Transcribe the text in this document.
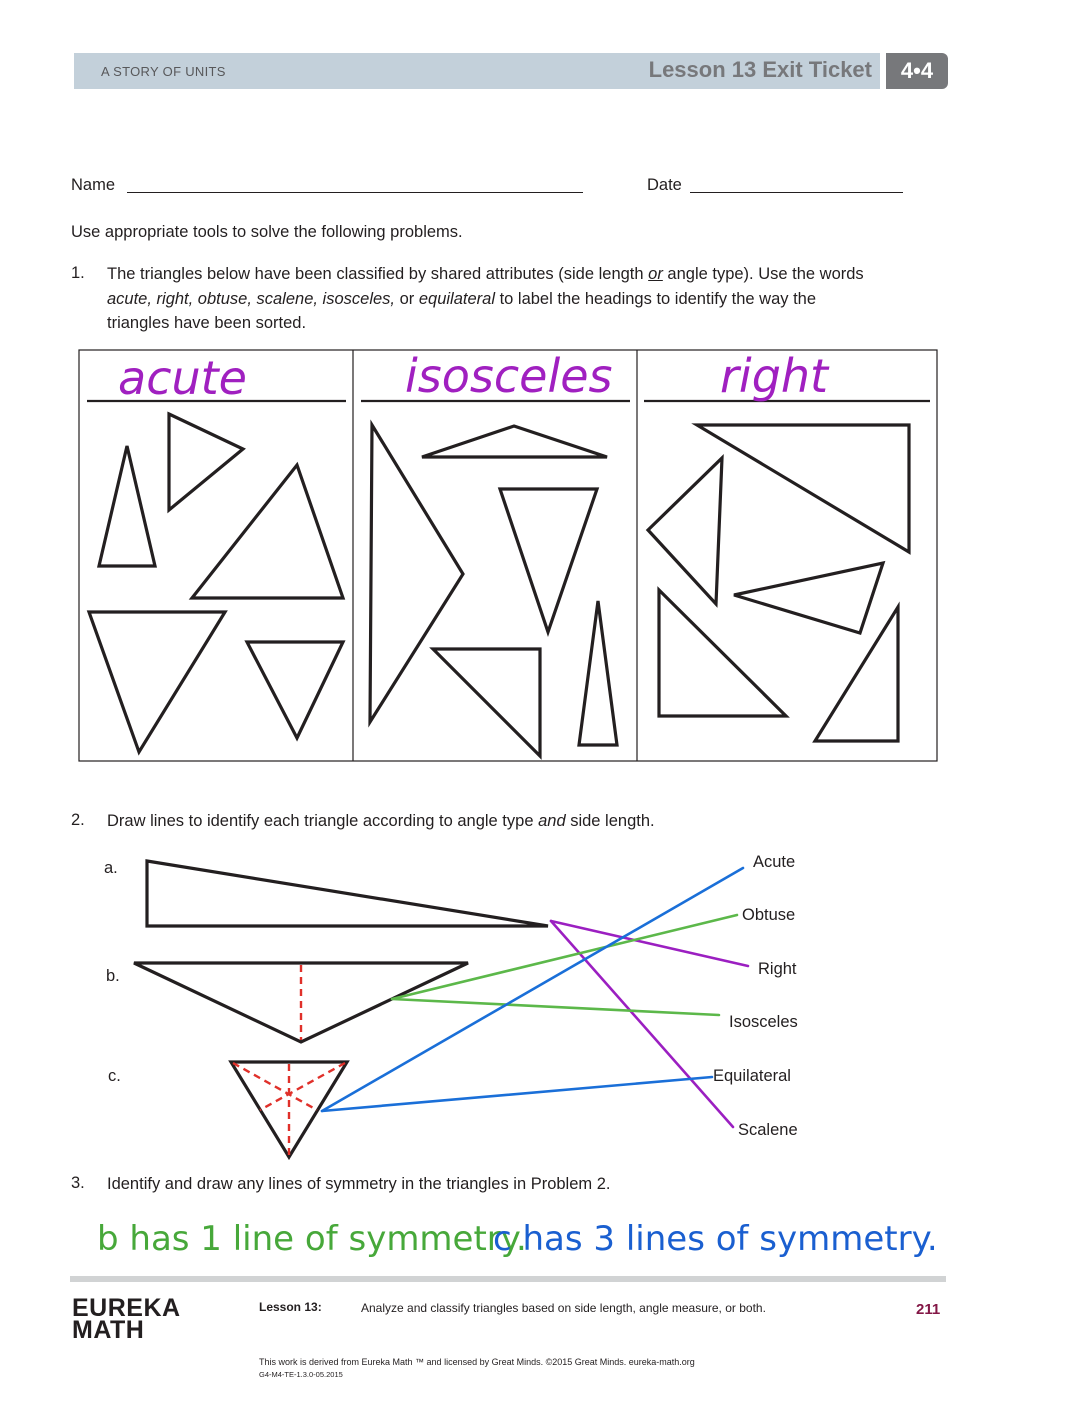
A STORY OF UNITS	Lesson 13 Exit Ticket	4•4
Name	Date
Use appropriate tools to solve the following problems.
1. The triangles below have been classified by shared attributes (side length or angle type). Use the words
acute, right, obtuse, scalene, isosceles, or equilateral to label the headings to identify the way the
triangles have been sorted.
acute	isosceles right
2. Draw lines to identify each triangle according to angle type and side length.
a.
b.
c.
Acute
Obtuse
Right
Isosceles
Equilateral
Scalene
3. Identify and draw any lines of symmetry in the triangles in Problem 2.
b has 1 line of symmetry.
c has 3 lines of symmetry.
EUREKA
MATH
Lesson 13:	Analyze and classify triangles based on side length, angle measure, or both.	211
This work is derived from Eureka Math ™ and licensed by Great Minds. ©2015 Great Minds. eureka-math.org
G4-M4-TE-1.3.0-05.2015
